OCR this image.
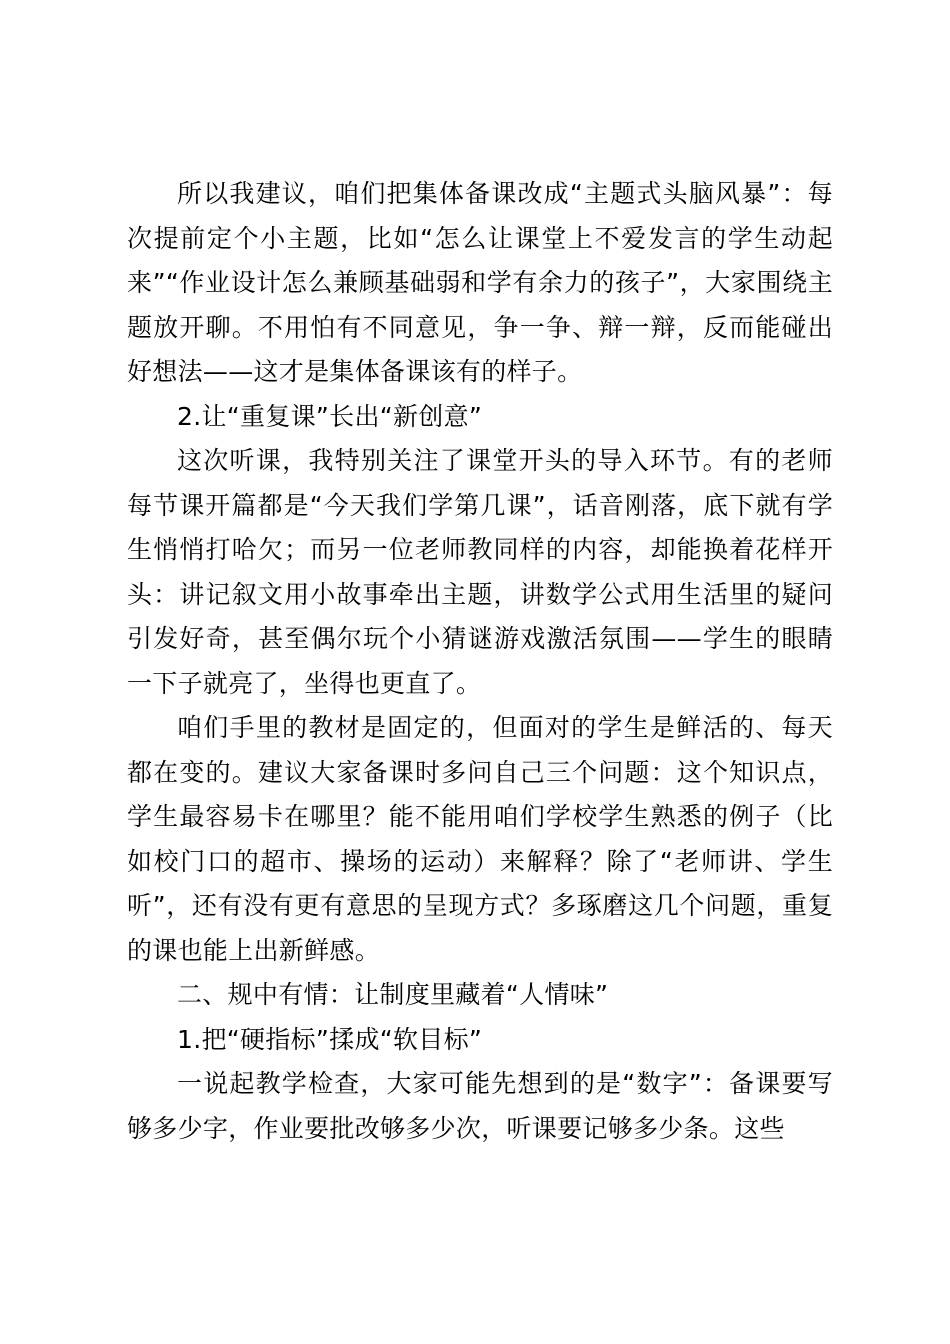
所以我建议，咱们把集体备课改成“主题式头脑风暴”：每次提前定个小主题，比如“怎么让课堂上不爱发言的学生动起来”“作业设计怎么兼顾基础弱和学有余力的孩子”，大家围绕主题放开聊。不用怕有不同意见，争一争、辩一辩，反而能碰出好想法——这才是集体备课该有的样子。

2.让“重复课”长出“新创意”

这次听课，我特别关注了课堂开头的导入环节。有的老师每节课开篇都是“今天我们学第几课”，话音刚落，底下就有学生悄悄打哈欠；而另一位老师教同样的内容，却能换着花样开头：讲记叙文用小故事牵出主题，讲数学公式用生活里的疑问引发好奇，甚至偶尔玩个小猜谜游戏激活氛围——学生的眼睛一下子就亮了，坐得也更直了。

咱们手里的教材是固定的，但面对的学生是鲜活的、每天都在变的。建议大家备课时多问自己三个问题：这个知识点，学生最容易卡在哪里？能不能用咱们学校学生熟悉的例子（比如校门口的超市、操场的运动）来解释？除了“老师讲、学生听”，还有没有更有意思的呈现方式？多琢磨这几个问题，重复的课也能上出新鲜感。

二、规中有情：让制度里藏着“人情味”

1.把“硬指标”揉成“软目标”

一说起教学检查，大家可能先想到的是“数字”：备课要写够多少字，作业要批改够多少次，听课要记够多少条。这些
